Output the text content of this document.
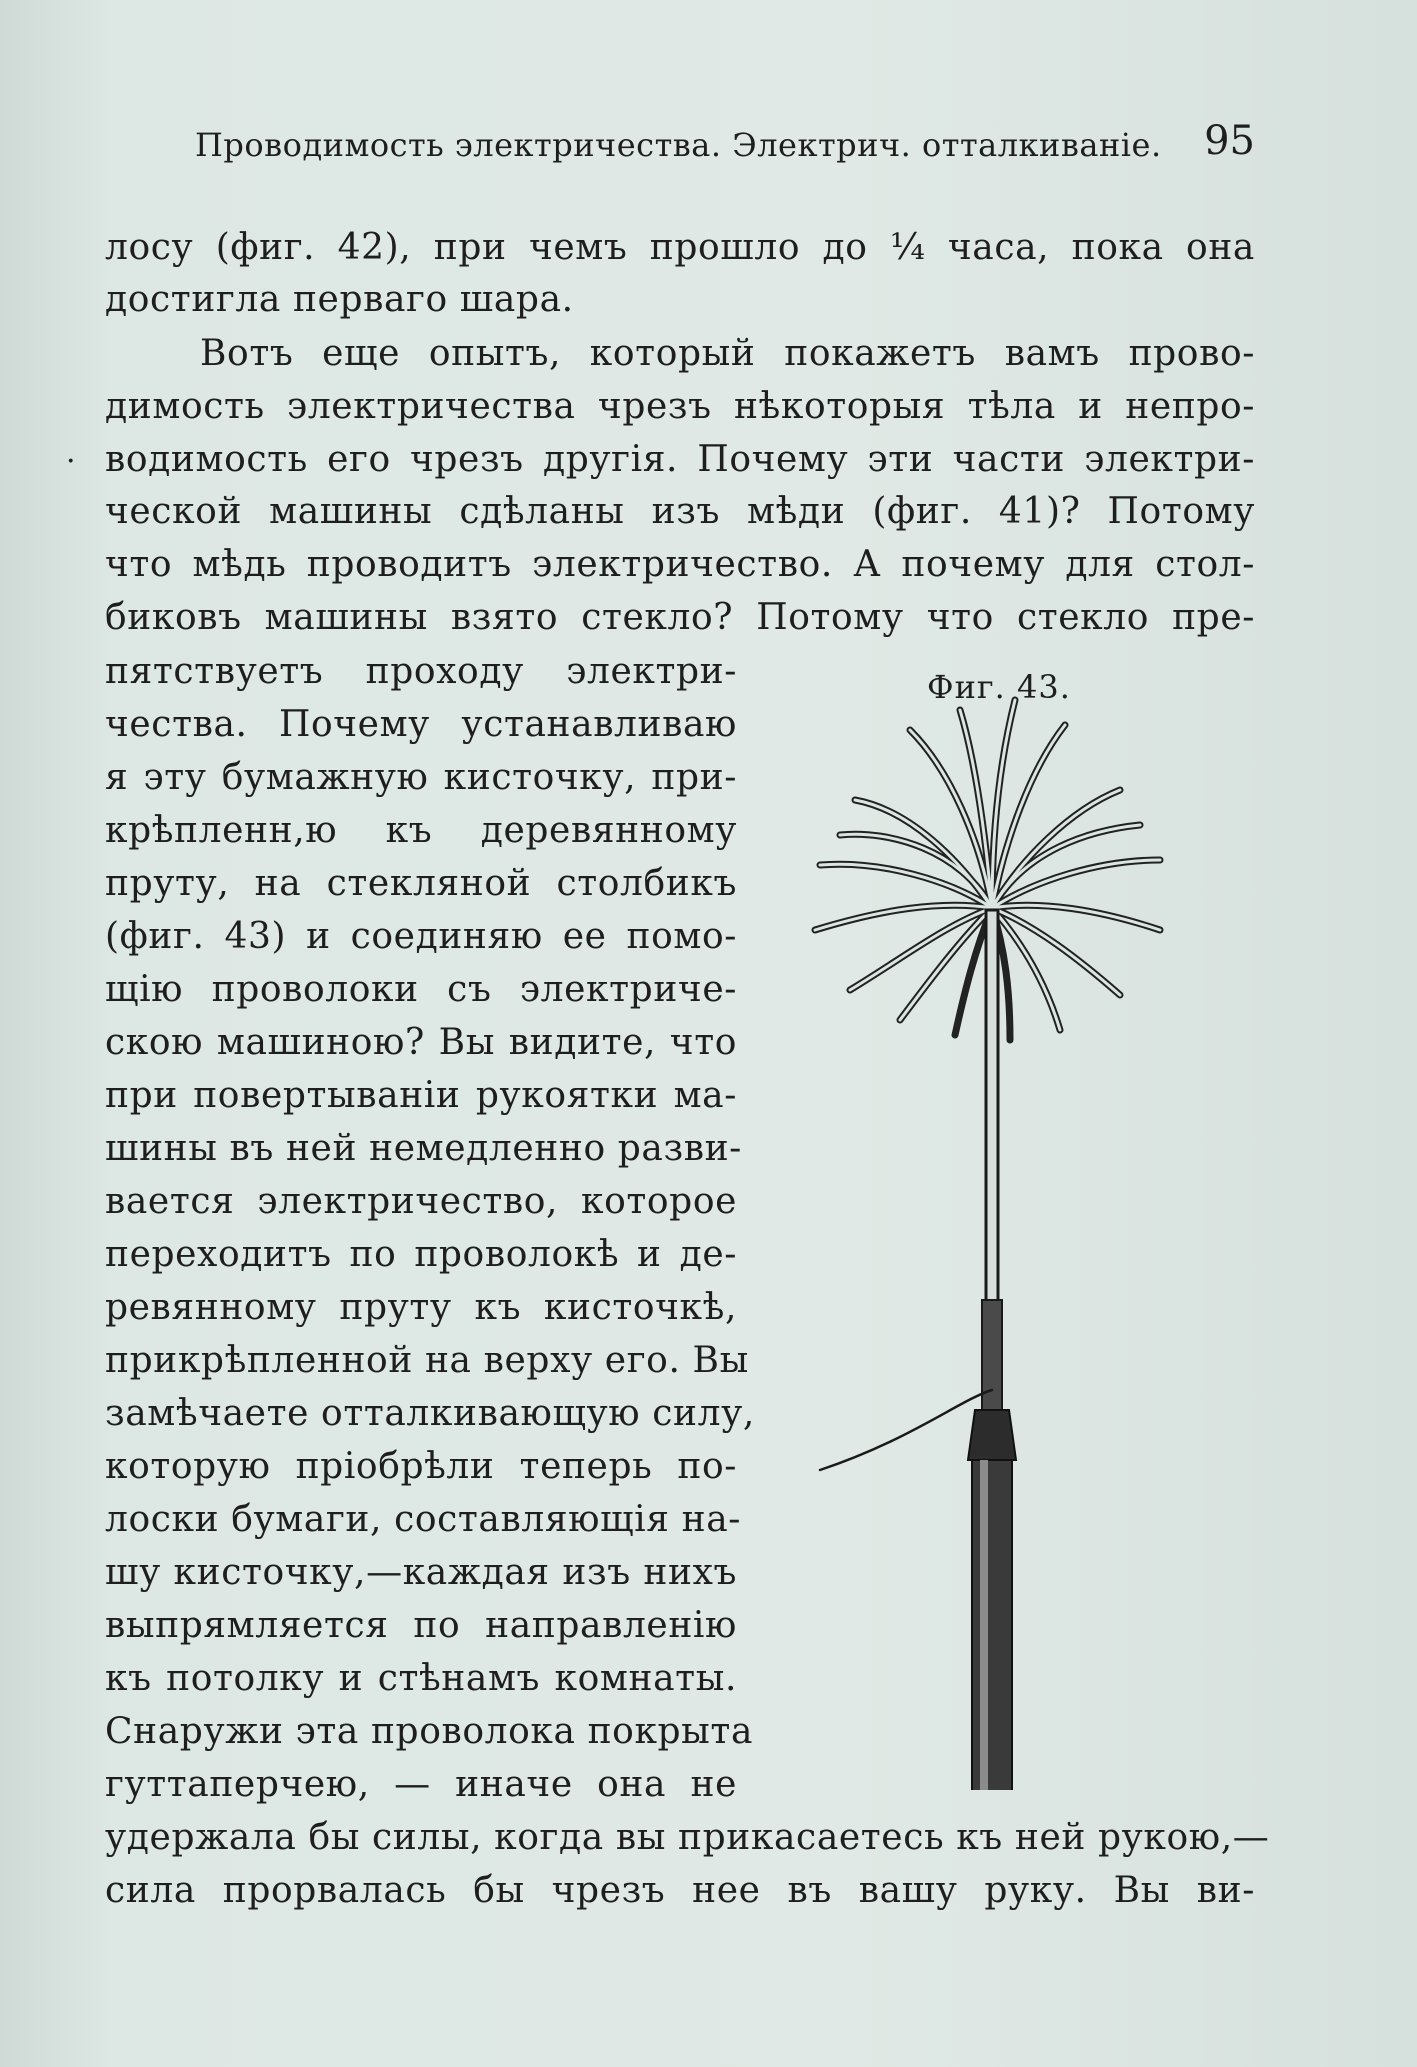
Проводимость электричества. Электрич. отталкиваніе. 95
·
лосу (фиг. 42), при чемъ прошло до ¼ часа, пока она
достигла перваго шара.
Вотъ еще опытъ, который покажетъ вамъ прово-
димость электричества чрезъ нѣкоторыя тѣла и непро-
водимость его чрезъ другія. Почему эти части электри-
ческой машины сдѣланы изъ мѣди (фиг. 41)? Потому
что мѣдь проводитъ электричество. А почему для стол-
биковъ машины взято стекло? Потому что стекло пре-
пятствуетъ проходу электри-
чества. Почему устанавливаю
я эту бумажную кисточку, при-
крѣпленн,ю къ деревянному
пруту, на стекляной столбикъ
(фиг. 43) и соединяю ее помо-
щію проволоки съ электриче-
скою машиною? Вы видите, что
при повертываніи рукоятки ма-
шины въ ней немедленно разви-
вается электричество, которое
переходитъ по проволокѣ и де-
ревянному пруту къ кисточкѣ,
прикрѣпленной на верху его. Вы
замѣчаете отталкивающую силу,
которую пріобрѣли теперь по-
лоски бумаги, составляющія на-
шу кисточку,—каждая изъ нихъ
выпрямляется по направленію
къ потолку и стѣнамъ комнаты.
Снаружи эта проволока покрыта
гуттаперчею, — иначе она не
удержала бы силы, когда вы прикасаетесь къ ней рукою,—
сила прорвалась бы чрезъ нее въ вашу руку. Вы ви-
Фиг. 43.
